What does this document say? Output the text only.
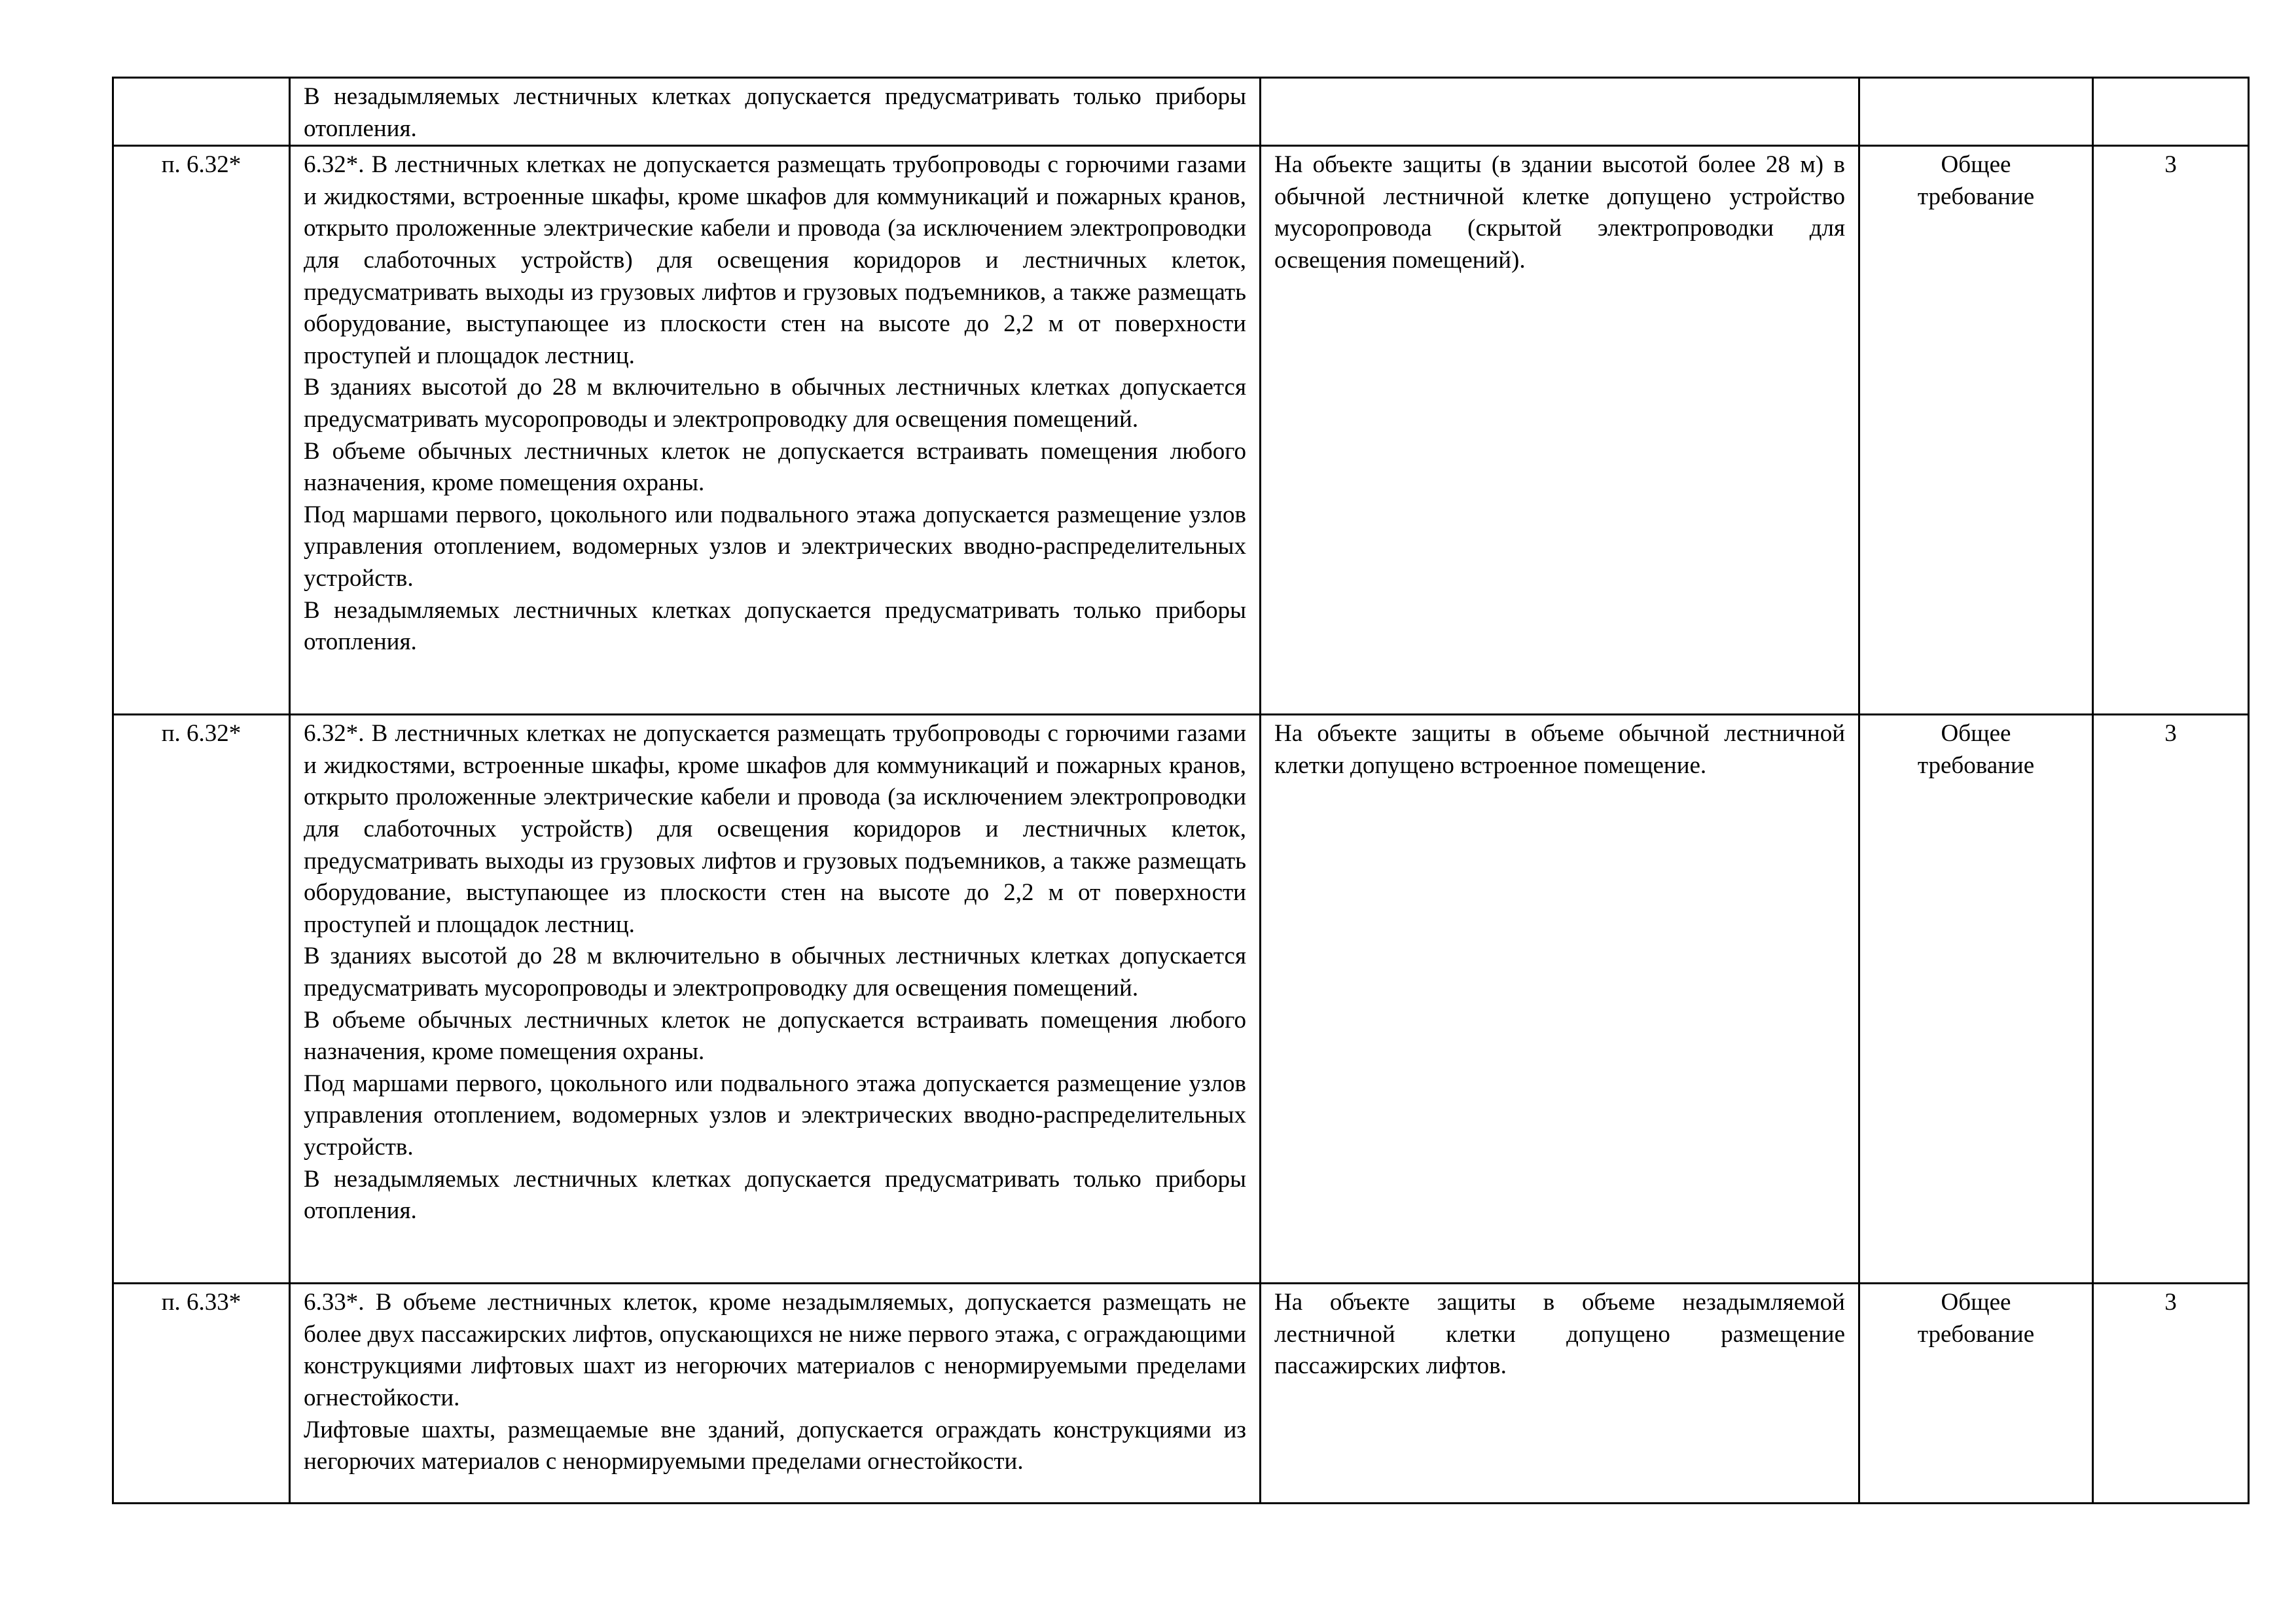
	В незадымляемых лестничных клетках допускается предусматривать только приборы отопления.			

п. 6.32*	6.32*. В лестничных клетках не допускается размещать трубопроводы с горючими газами и жидкостями, встроенные шкафы, кроме шкафов для коммуникаций и пожарных кранов, открыто проложенные электрические кабели и провода (за исключением электропроводки для слаботочных устройств) для освещения коридоров и лестничных клеток, предусматривать выходы из грузовых лифтов и грузовых подъемников, а также размещать оборудование, выступающее из плоскости стен на высоте до 2,2 м от поверхности проступей и площадок лестниц.
В зданиях высотой до 28 м включительно в обычных лестничных клетках допускается предусматривать мусоропроводы и электропроводку для освещения помещений.
В объеме обычных лестничных клеток не допускается встраивать помещения любого назначения, кроме помещения охраны.
Под маршами первого, цокольного или подвального этажа допускается размещение узлов управления отоплением, водомерных узлов и электрических вводно-распределительных устройств.
В незадымляемых лестничных клетках допускается предусматривать только приборы отопления.	На объекте защиты (в здании высотой более 28 м) в обычной лестничной клетке допущено устройство мусоропровода (скрытой электропроводки для освещения помещений).	Общее требование	3
п. 6.32*	6.32*. В лестничных клетках не допускается размещать трубопроводы с горючими газами и жидкостями, встроенные шкафы, кроме шкафов для коммуникаций и пожарных кранов, открыто проложенные электрические кабели и провода (за исключением электропроводки для слаботочных устройств) для освещения коридоров и лестничных клеток, предусматривать выходы из грузовых лифтов и грузовых подъемников, а также размещать оборудование, выступающее из плоскости стен на высоте до 2,2 м от поверхности проступей и площадок лестниц.
В зданиях высотой до 28 м включительно в обычных лестничных клетках допускается предусматривать мусоропроводы и электропроводку для освещения помещений.
В объеме обычных лестничных клеток не допускается встраивать помещения любого назначения, кроме помещения охраны.
Под маршами первого, цокольного или подвального этажа допускается размещение узлов управления отоплением, водомерных узлов и электрических вводно-распределительных устройств.
В незадымляемых лестничных клетках допускается предусматривать только приборы отопления.	На объекте защиты в объеме обычной лестничной клетки допущено встроенное помещение.	Общее требование	3
п. 6.33*	6.33*. В объеме лестничных клеток, кроме незадымляемых, допускается размещать не более двух пассажирских лифтов, опускающихся не ниже первого этажа, с ограждающими конструкциями лифтовых шахт из негорючих материалов с ненормируемыми пределами огнестойкости.
Лифтовые шахты, размещаемые вне зданий, допускается ограждать конструкциями из негорючих материалов с ненормируемыми пределами огнестойкости.	На объекте защиты в объеме незадымляемой лестничной клетки допущено размещение пассажирских лифтов.	Общее требование	3
